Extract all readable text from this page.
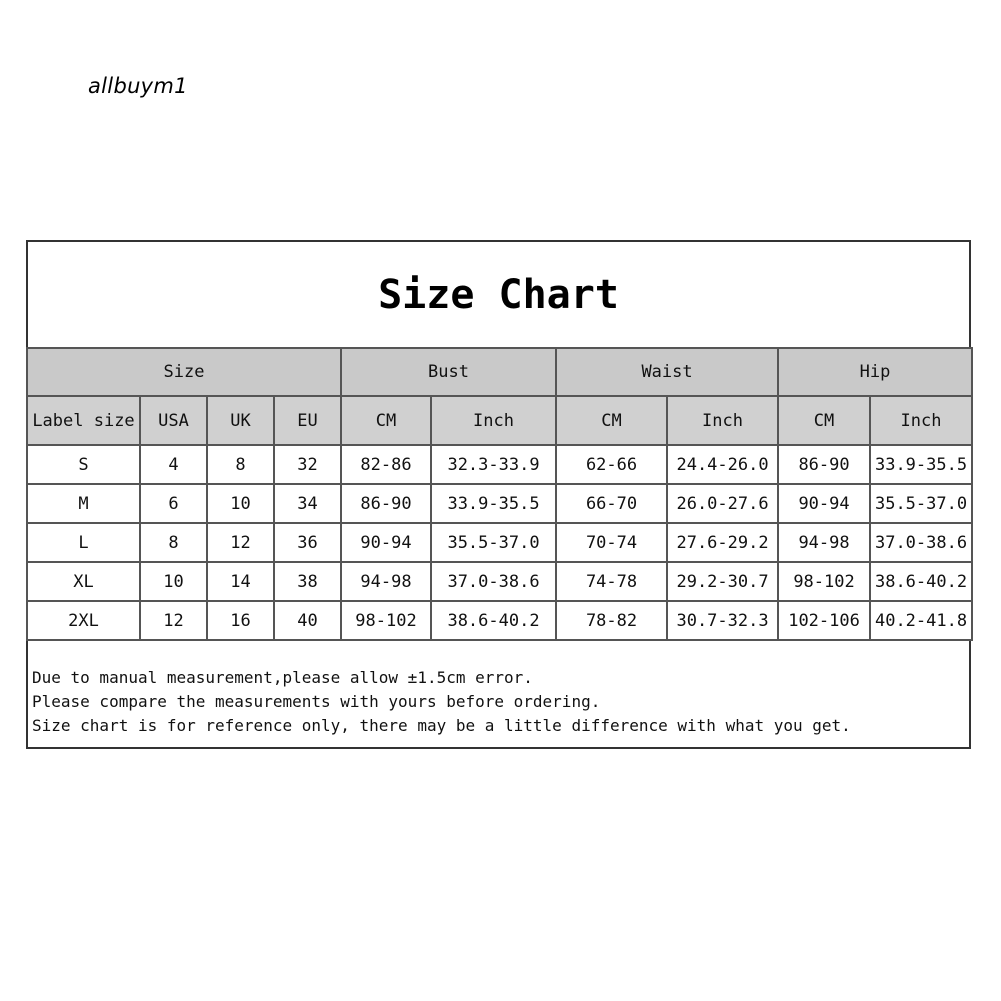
allbuym1
Size Chart
Size				Bust		Waist		Hip	
Label size	USA	UK	EU	CM	Inch	CM	Inch	CM	Inch
S	4	8	32	82-86	32.3-33.9	62-66	24.4-26.0	86-90	33.9-35.5
M	6	10	34	86-90	33.9-35.5	66-70	26.0-27.6	90-94	35.5-37.0
L	8	12	36	90-94	35.5-37.0	70-74	27.6-29.2	94-98	37.0-38.6
XL	10	14	38	94-98	37.0-38.6	74-78	29.2-30.7	98-102	38.6-40.2
2XL	12	16	40	98-102	38.6-40.2	78-82	30.7-32.3	102-106	40.2-41.8
Due to manual measurement,please allow ±1.5cm error.
Please compare the measurements with yours before ordering.
Size chart is for reference only, there may be a little difference with what you get.
